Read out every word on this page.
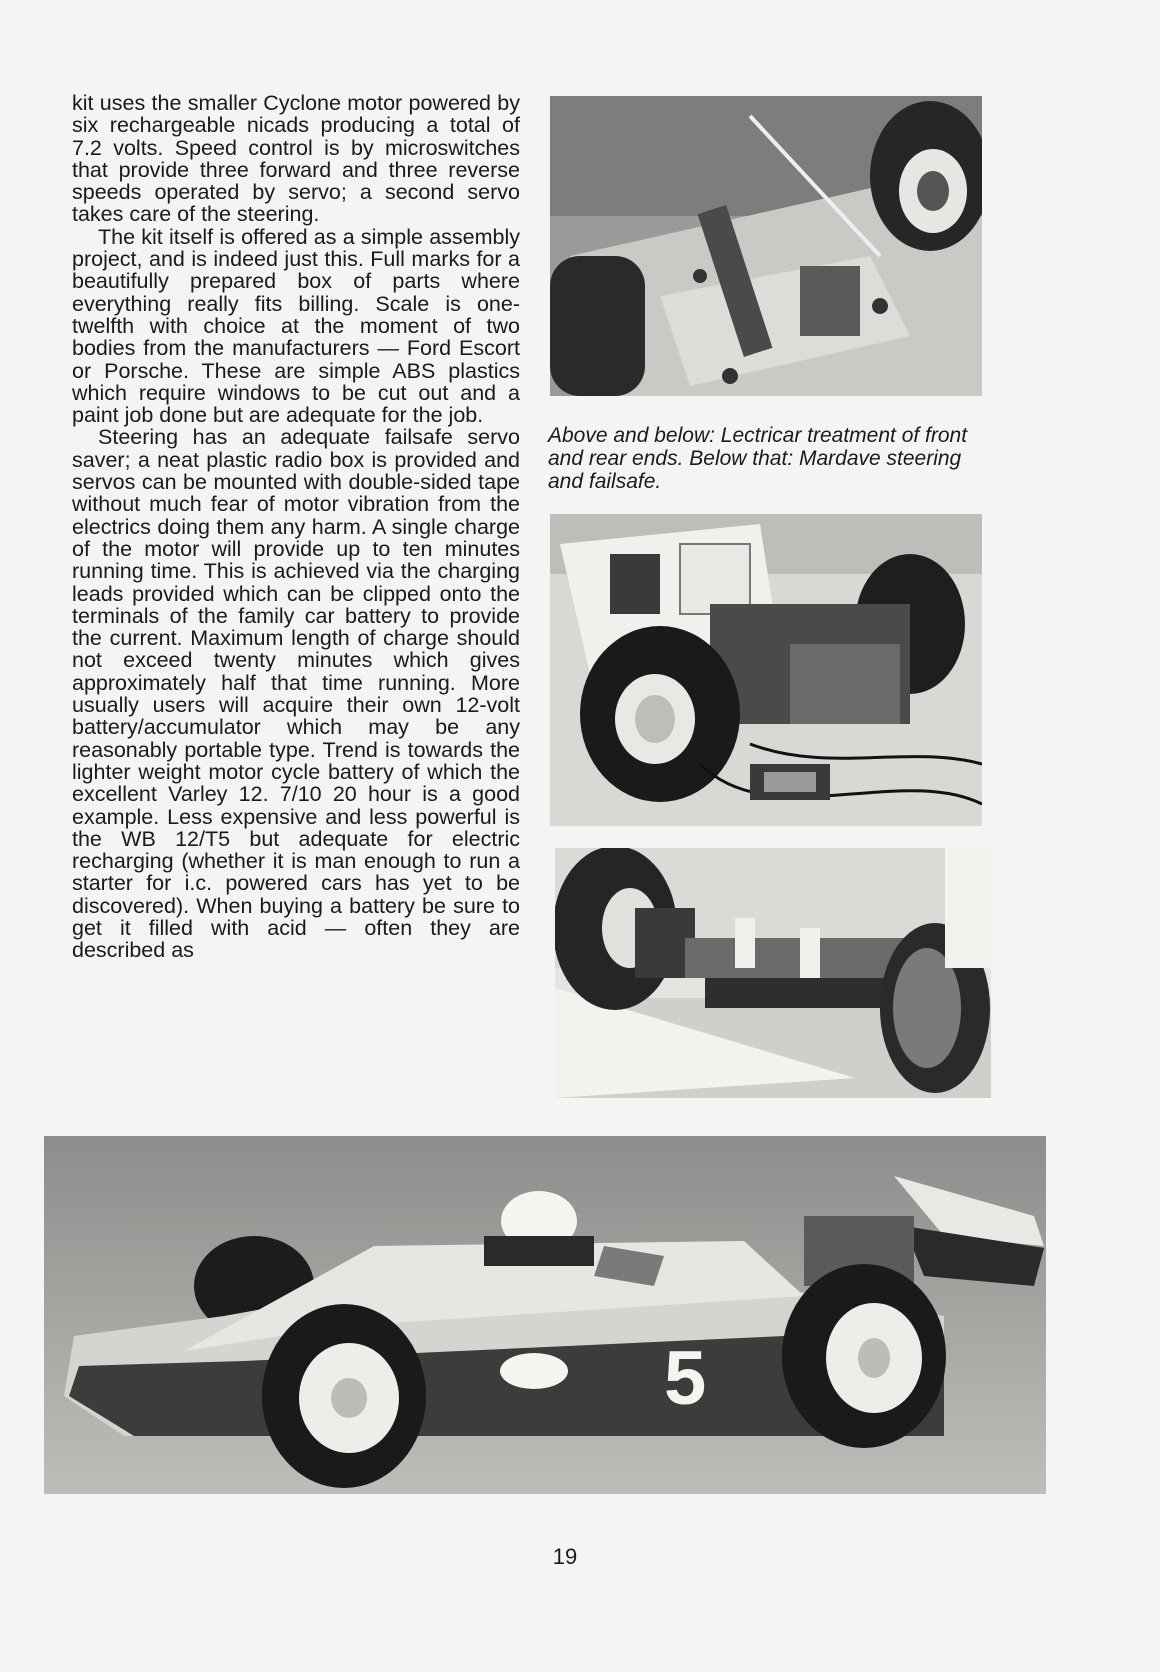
kit uses the smaller Cyclone motor powered by six rechargeable nicads producing a total of 7.2 volts. Speed control is by microswitches that provide three forward and three reverse speeds operated by servo; a second servo takes care of the steering.

The kit itself is offered as a simple assembly project, and is indeed just this. Full marks for a beautifully prepared box of parts where everything really fits billing. Scale is one-twelfth with choice at the moment of two bodies from the manufacturers — Ford Escort or Porsche. These are simple ABS plastics which require windows to be cut out and a paint job done but are adequate for the job.

Steering has an adequate failsafe servo saver; a neat plastic radio box is provided and servos can be mounted with double-sided tape without much fear of motor vibration from the electrics doing them any harm. A single charge of the motor will provide up to ten minutes running time. This is achieved via the charging leads provided which can be clipped onto the terminals of the family car battery to provide the current. Maximum length of charge should not exceed twenty minutes which gives approximately half that time running. More usually users will acquire their own 12-volt battery/accumulator which may be any reasonably portable type. Trend is towards the lighter weight motor cycle battery of which the excellent Varley 12. 7/10 20 hour is a good example. Less expensive and less powerful is the WB 12/T5 but adequate for electric recharging (whether it is man enough to run a starter for i.c. powered cars has yet to be discovered). When buying a battery be sure to get it filled with acid — often they are described as

Above and below: Lectricar treatment of front and rear ends. Below that: Mardave steering and failsafe.

5
19
